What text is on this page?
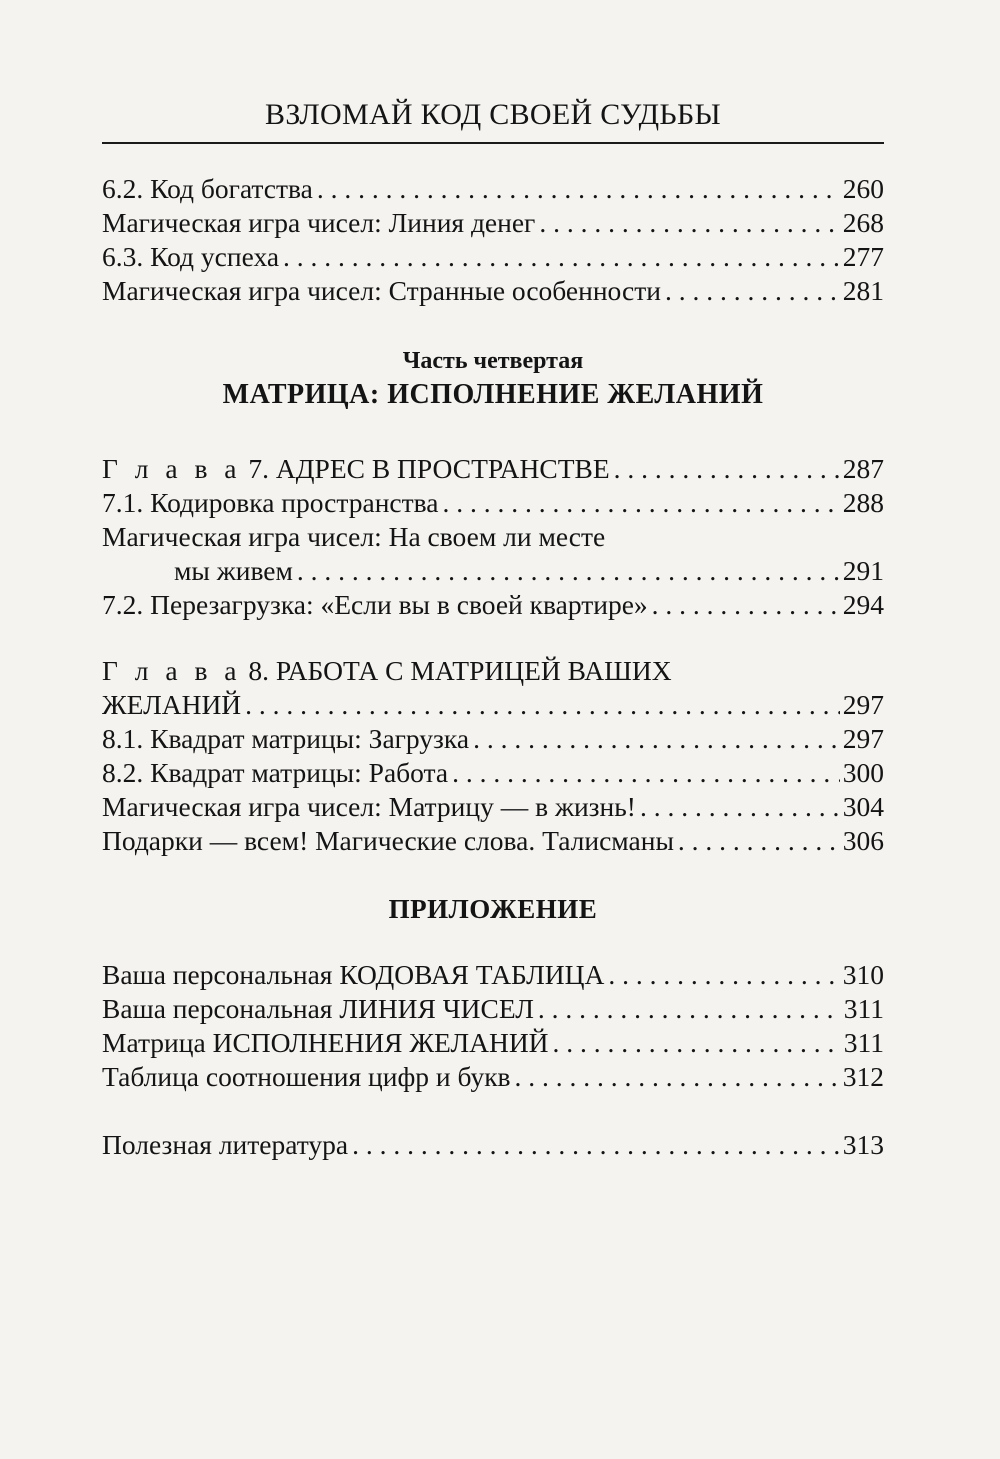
ВЗЛОМАЙ КОД СВОЕЙ СУДЬБЫ
6.2. Код богатства . . .	260
Магическая игра чисел: Линия денег . . .	268
6.3. Код успеха . . .	277
Магическая игра чисел: Странные особенности . . .	281
Часть четвертая
МАТРИЦА: ИСПОЛНЕНИЕ ЖЕЛАНИЙ
Г л а в а 7. АДРЕС В ПРОСТРАНСТВЕ . . .	287
7.1. Кодировка пространства . . .	288
Магическая игра чисел: На своем ли месте
мы живем . . .	291
7.2. Перезагрузка: «Если вы в своей квартире» . . .	294
Г л а в а 8. РАБОТА С МАТРИЦЕЙ ВАШИХ
ЖЕЛАНИЙ . . .	297
8.1. Квадрат матрицы: Загрузка . . .	297
8.2. Квадрат матрицы: Работа . . .	300
Магическая игра чисел: Матрицу — в жизнь! . . .	304
Подарки — всем! Магические слова. Талисманы . . .	306
ПРИЛОЖЕНИЕ
Ваша персональная КОДОВАЯ ТАБЛИЦА . . .	310
Ваша персональная ЛИНИЯ ЧИСЕЛ . . .	311
Матрица ИСПОЛНЕНИЯ ЖЕЛАНИЙ . . .	311
Таблица соотношения цифр и букв . . .	312
Полезная литература . . .	313
